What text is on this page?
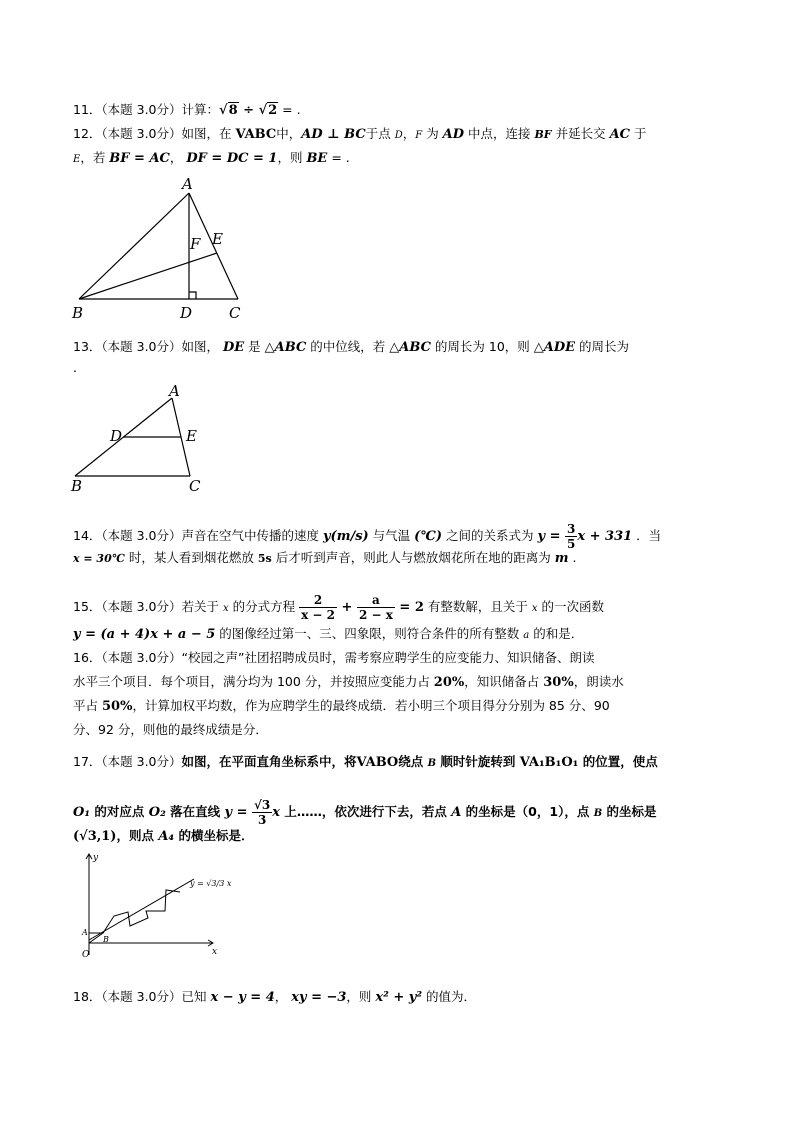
11．（本题 3.0分）计算：√8 ÷ √2 = .
12．（本题 3.0分）如图，在 VABC中，AD ⊥ BC于点 D，F 为 AD 中点，连接 BF 并延长交 AC 于
E，若 BF = AC， DF = DC = 1，则 BE = .
A
B	C
D
E
F
13．（本题 3.0分）如图， DE 是 △ABC 的中位线，若 △ABC 的周长为 10，则 △ADE 的周长为
.
A
B	C
D	E
14．（本题 3.0分）声音在空气中传播的速度 y(m/s) 与气温 (℃) 之间的关系式为 $y = \frac{3}{5}$ x + 331 ．当
x = 30℃ 时，某人看到烟花燃放 5s 后才听到声音，则此人与燃放烟花所在地的距离为 m .
15．（本题 3.0分）若关于 x 的分式方程 $\frac{2}{x - 2} + \frac{a}{2 - x} = 2$ 有整数解，且关于 x 的一次函数
y = (a + 4)x + a − 5 的图像经过第一、三、四象限，则符合条件的所有整数 a 的和是．
16．（本题 3.0分）“校园之声”社团招聘成员时，需考察应聘学生的应变能力、知识储备、朗读
水平三个项目．每个项目，满分均为 100 分，并按照应变能力占 20%，知识储备占 30%，朗读水
平占 50%，计算加权平均数，作为应聘学生的最终成绩．若小明三个项目得分分别为 85 分、90
分、92 分，则他的最终成绩是分．
17．（本题 3.0分）如图，在平面直角坐标系中，将VABO绕点 B 顺时针旋转到 VA₁B₁O₁ 的位置，使点
O₁ 的对应点 O₂ 落在直线 $y = \frac{√3}{3}$ x 上……，依次进行下去，若点 A 的坐标是（0，1），点 B 的坐标是
(√3,1)，则点 A₄ 的横坐标是．
y
x
O
A
B
y = √3/3 x
18．（本题 3.0分）已知 x − y = 4， xy = −3，则 x² + y² 的值为．
